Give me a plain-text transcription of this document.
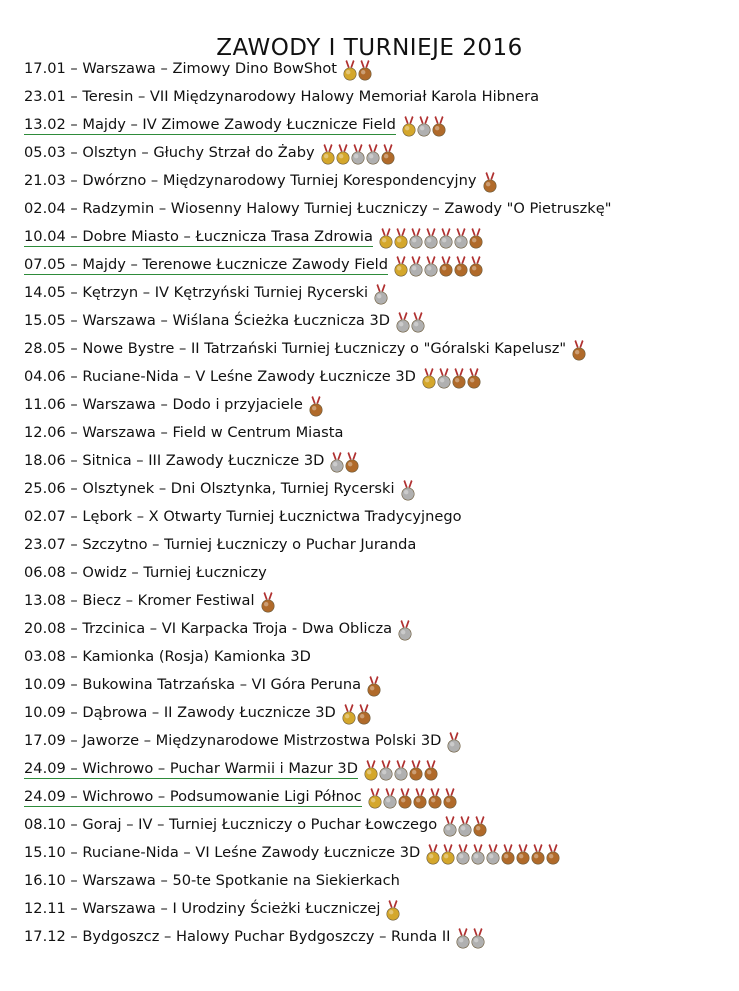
ZAWODY I TURNIEJE 2016
17.01 – Warszawa – Zimowy Dino BowShot
23.01 – Teresin – VII Międzynarodowy Halowy Memoriał Karola Hibnera
13.02 – Majdy – IV Zimowe Zawody Łucznicze Field
05.03 – Olsztyn – Głuchy Strzał do Żaby
21.03 – Dwórzno – Międzynarodowy Turniej Korespondencyjny
02.04 – Radzymin – Wiosenny Halowy Turniej Łuczniczy – Zawody "O Pietruszkę"
10.04 – Dobre Miasto – Łucznicza Trasa Zdrowia
07.05 – Majdy – Terenowe Łucznicze Zawody Field
14.05 – Kętrzyn – IV Kętrzyński Turniej Rycerski
15.05 – Warszawa – Wiślana Ścieżka Łucznicza 3D
28.05 – Nowe Bystre – II Tatrzański Turniej Łuczniczy o "Góralski Kapelusz"
04.06 – Ruciane-Nida – V Leśne Zawody Łucznicze 3D
11.06 – Warszawa – Dodo i przyjaciele
12.06 – Warszawa – Field w Centrum Miasta
18.06 – Sitnica – III Zawody Łucznicze 3D
25.06 – Olsztynek – Dni Olsztynka, Turniej Rycerski
02.07 – Lębork – X Otwarty Turniej Łucznictwa Tradycyjnego
23.07 – Szczytno – Turniej Łuczniczy o Puchar Juranda
06.08 – Owidz – Turniej Łuczniczy
13.08 – Biecz – Kromer Festiwal
20.08 – Trzcinica – VI Karpacka Troja - Dwa Oblicza
03.08 – Kamionka (Rosja) Kamionka 3D
10.09 – Bukowina Tatrzańska – VI Góra Peruna
10.09 – Dąbrowa – II Zawody Łucznicze 3D
17.09 – Jaworze – Międzynarodowe Mistrzostwa Polski 3D
24.09 – Wichrowo – Puchar Warmii i Mazur 3D
24.09 – Wichrowo – Podsumowanie Ligi Północ
08.10 – Goraj – IV – Turniej Łuczniczy o Puchar Łowczego
15.10 – Ruciane-Nida – VI Leśne Zawody Łucznicze 3D
16.10 – Warszawa – 50-te Spotkanie na Siekierkach
12.11 – Warszawa – I Urodziny Ścieżki Łuczniczej
17.12 – Bydgoszcz – Halowy Puchar Bydgoszczy – Runda II
